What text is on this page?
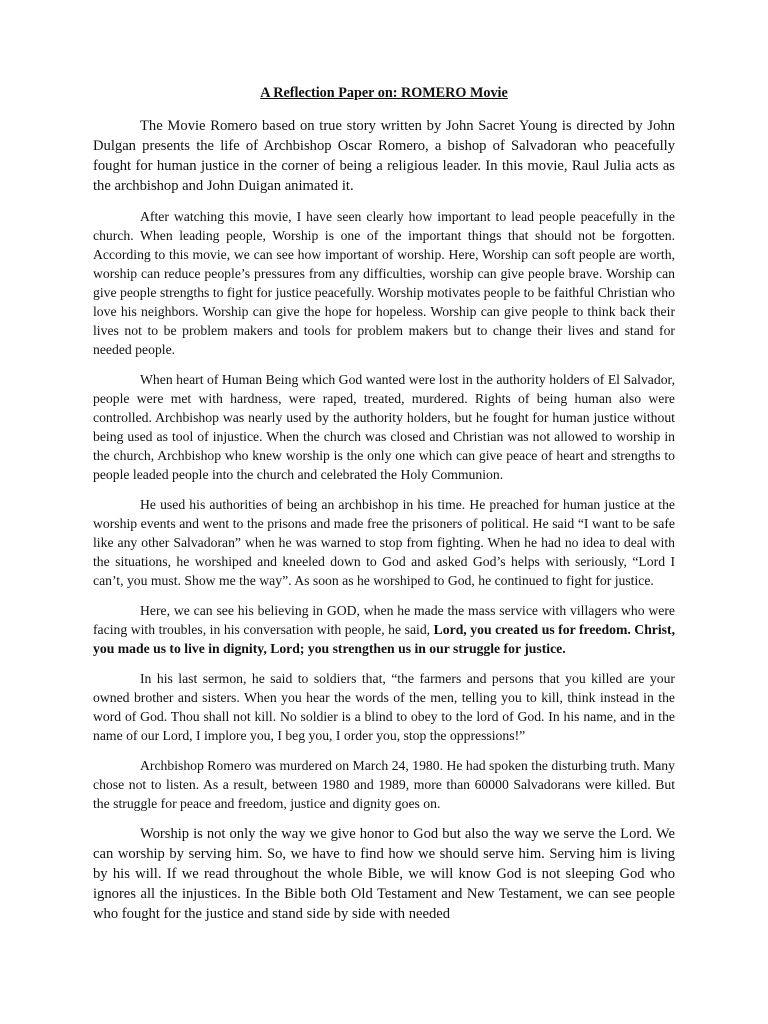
A Reflection Paper on: ROMERO Movie

The Movie Romero based on true story written by John Sacret Young is directed by John Dulgan presents the life of Archbishop Oscar Romero, a bishop of Salvadoran who peacefully fought for human justice in the corner of being a religious leader. In this movie, Raul Julia acts as the archbishop and John Duigan animated it.

After watching this movie, I have seen clearly how important to lead people peacefully in the church. When leading people, Worship is one of the important things that should not be forgotten. According to this movie, we can see how important of worship. Here, Worship can soft people are worth, worship can reduce people’s pressures from any difficulties, worship can give people brave. Worship can give people strengths to fight for justice peacefully. Worship motivates people to be faithful Christian who love his neighbors. Worship can give the hope for hopeless. Worship can give people to think back their lives not to be problem makers and tools for problem makers but to change their lives and stand for needed people.

When heart of Human Being which God wanted were lost in the authority holders of El Salvador, people were met with hardness, were raped, treated, murdered. Rights of being human also were controlled. Archbishop was nearly used by the authority holders, but he fought for human justice without being used as tool of injustice. When the church was closed and Christian was not allowed to worship in the church, Archbishop who knew worship is the only one which can give peace of heart and strengths to people leaded people into the church and celebrated the Holy Communion.

He used his authorities of being an archbishop in his time. He preached for human justice at the worship events and went to the prisons and made free the prisoners of political. He said “I want to be safe like any other Salvadoran” when he was warned to stop from fighting. When he had no idea to deal with the situations, he worshiped and kneeled down to God and asked God’s helps with seriously, “Lord I can’t, you must. Show me the way”. As soon as he worshiped to God, he continued to fight for justice.

Here, we can see his believing in GOD, when he made the mass service with villagers who were facing with troubles, in his conversation with people, he said, Lord, you created us for freedom. Christ, you made us to live in dignity, Lord; you strengthen us in our struggle for justice.

In his last sermon, he said to soldiers that, “the farmers and persons that you killed are your owned brother and sisters. When you hear the words of the men, telling you to kill, think instead in the word of God. Thou shall not kill. No soldier is a blind to obey to the lord of God. In his name, and in the name of our Lord, I implore you, I beg you, I order you, stop the oppressions!”

Archbishop Romero was murdered on March 24, 1980. He had spoken the disturbing truth. Many chose not to listen. As a result, between 1980 and 1989, more than 60000 Salvadorans were killed. But the struggle for peace and freedom, justice and dignity goes on.

Worship is not only the way we give honor to God but also the way we serve the Lord. We can worship by serving him. So, we have to find how we should serve him. Serving him is living by his will. If we read throughout the whole Bible, we will know God is not sleeping God who ignores all the injustices. In the Bible both Old Testament and New Testament, we can see people who fought for the justice and stand side by side with needed
